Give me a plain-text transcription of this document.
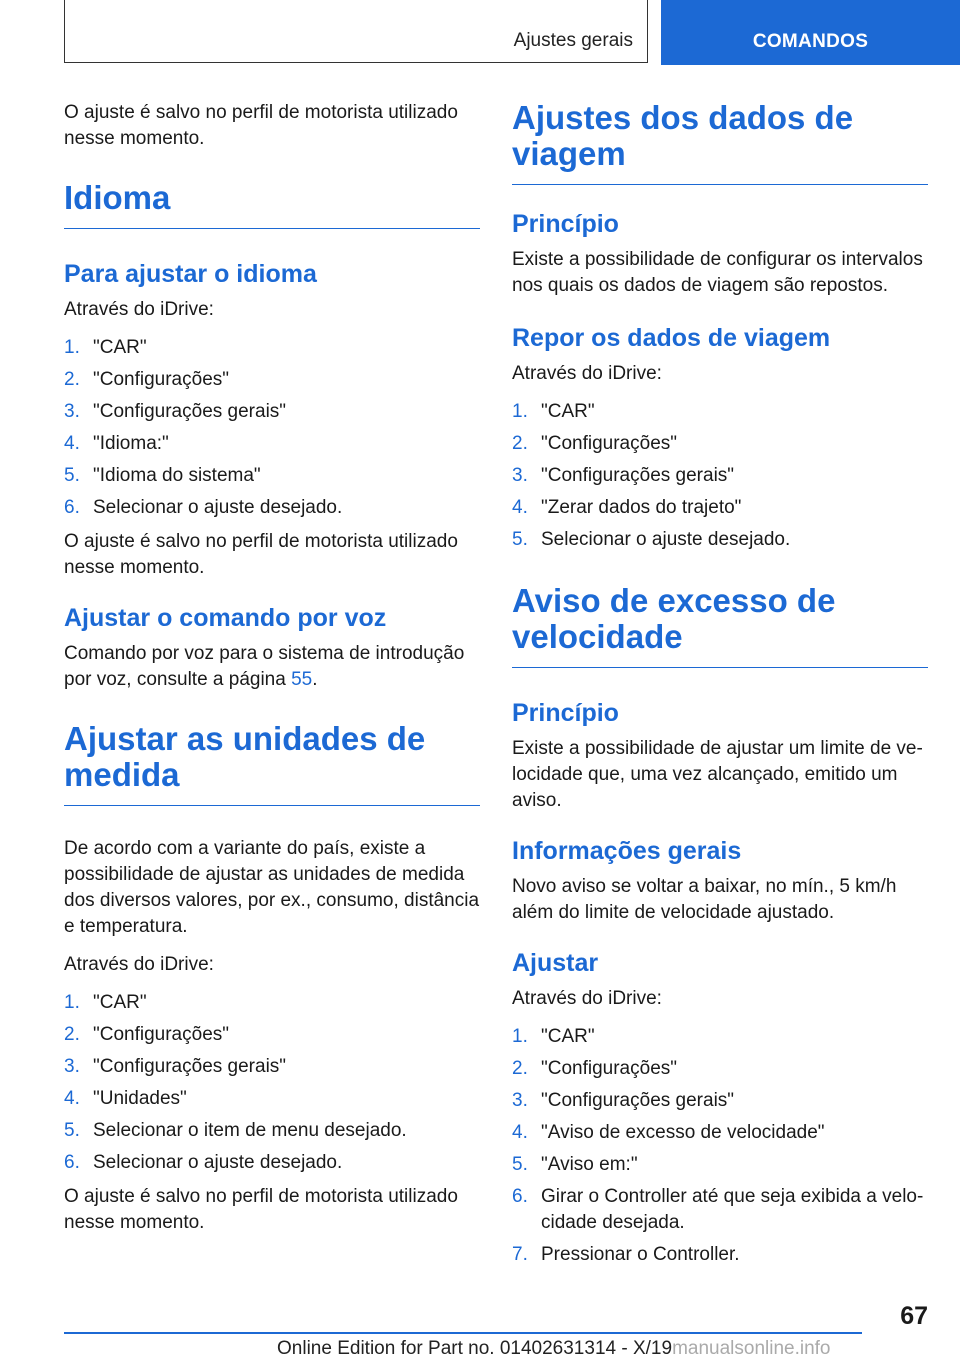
Ajustes gerais	COMANDOS

O ajuste é salvo no perfil de motorista utilizado nesse momento.

Idioma
Para ajustar o idioma

Através do iDrive:

1. "CAR"
2. "Configurações"
3. "Configurações gerais"
4. "Idioma:"
5. "Idioma do sistema"
6. Selecionar o ajuste desejado.

O ajuste é salvo no perfil de motorista utilizado nesse momento.

Ajustar o comando por voz

Comando por voz para o sistema de introdução por voz, consulte a página 55.

Ajustar as unidades de medida

De acordo com a variante do país, existe a possibilidade de ajustar as unidades de medida dos diversos valores, por ex., consumo, distância e temperatura.

Através do iDrive:

1. "CAR"
2. "Configurações"
3. "Configurações gerais"
4. "Unidades"
5. Selecionar o item de menu desejado.
6. Selecionar o ajuste desejado.

O ajuste é salvo no perfil de motorista utilizado nesse momento.

Ajustes dos dados de viagem
Princípio

Existe a possibilidade de configurar os intervalos nos quais os dados de viagem são repostos.

Repor os dados de viagem

Através do iDrive:

1. "CAR"
2. "Configurações"
3. "Configurações gerais"
4. "Zerar dados do trajeto"
5. Selecionar o ajuste desejado.
Aviso de excesso de velocidade
Princípio

Existe a possibilidade de ajustar um limite de velocidade que, uma vez alcançado, emitido um aviso.

Informações gerais

Novo aviso se voltar a baixar, no mín., 5 km/h além do limite de velocidade ajustado.

Ajustar

Através do iDrive:

1. "CAR"
2. "Configurações"
3. "Configurações gerais"
4. "Aviso de excesso de velocidade"
5. "Aviso em:"
6. Girar o Controller até que seja exibida a velocidade desejada.
7. Pressionar o Controller.
67
Online Edition for Part no. 01402631314 - X/19manualsonline.info
